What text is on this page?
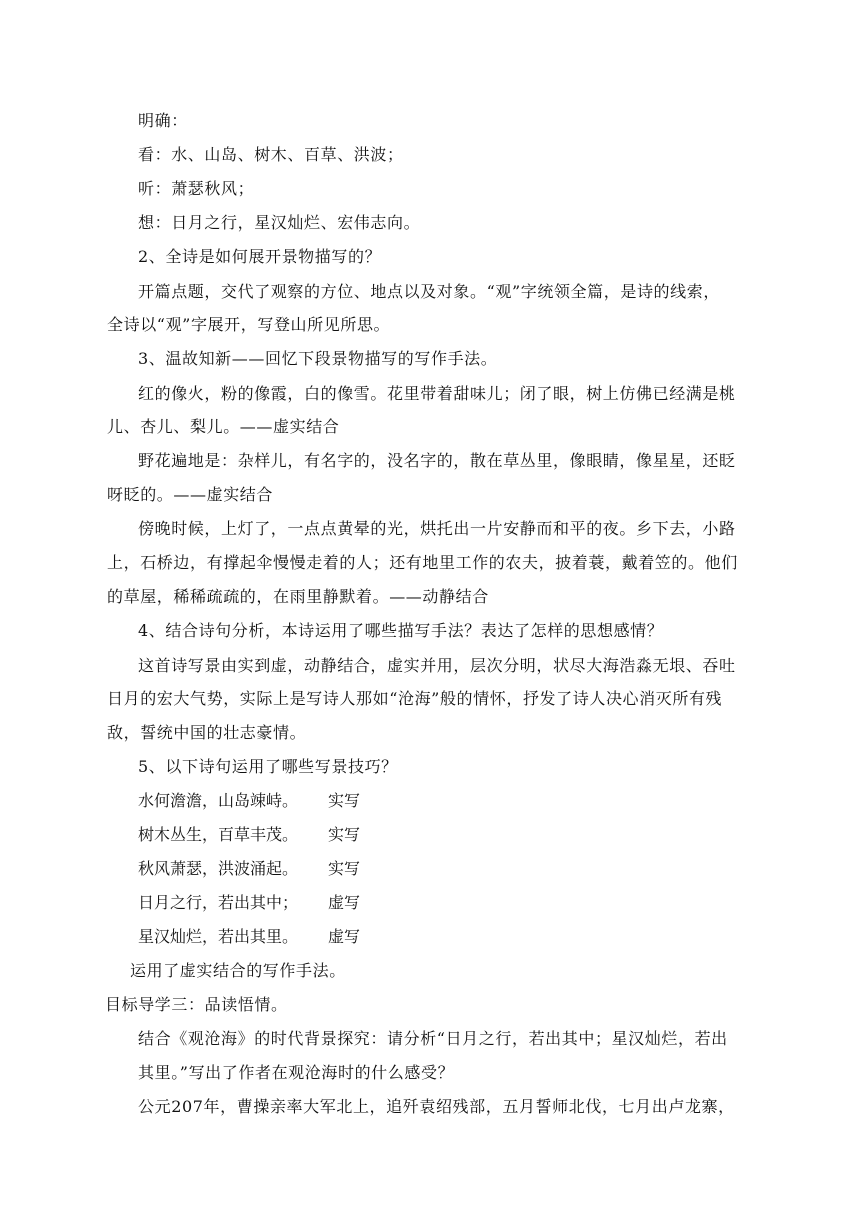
明确：
看：水、山岛、树木、百草、洪波；
听：萧瑟秋风；
想：日月之行，星汉灿烂、宏伟志向。
2、全诗是如何展开景物描写的？
开篇点题，交代了观察的方位、地点以及对象。“观”字统领全篇，是诗的线索，
全诗以“观”字展开，写登山所见所思。
3、温故知新——回忆下段景物描写的写作手法。
红的像火，粉的像霞，白的像雪。花里带着甜味儿；闭了眼，树上仿佛已经满是桃
儿、杏儿、梨儿。——虚实结合
野花遍地是：杂样儿，有名字的，没名字的，散在草丛里，像眼睛，像星星，还眨
呀眨的。——虚实结合
傍晚时候，上灯了，一点点黄晕的光，烘托出一片安静而和平的夜。乡下去，小路
上，石桥边，有撑起伞慢慢走着的人；还有地里工作的农夫，披着蓑，戴着笠的。他们
的草屋，稀稀疏疏的，在雨里静默着。——动静结合
4、结合诗句分析，本诗运用了哪些描写手法？表达了怎样的思想感情？
这首诗写景由实到虚，动静结合，虚实并用，层次分明，状尽大海浩淼无垠、吞吐
日月的宏大气势，实际上是写诗人那如“沧海”般的情怀，抒发了诗人决心消灭所有残
敌，誓统中国的壮志豪情。
5、以下诗句运用了哪些写景技巧？
水何澹澹，山岛竦峙。 实写
树木丛生，百草丰茂。 实写
秋风萧瑟，洪波涌起。 实写
日月之行，若出其中； 虚写
星汉灿烂，若出其里。 虚写
运用了虚实结合的写作手法。
目标导学三：品读悟情。
结合《观沧海》的时代背景探究：请分析“日月之行，若出其中；星汉灿烂，若出
其里。”写出了作者在观沧海时的什么感受？
公元207年，曹操亲率大军北上，追歼袁绍残部，五月誓师北伐，七月出卢龙寨，
